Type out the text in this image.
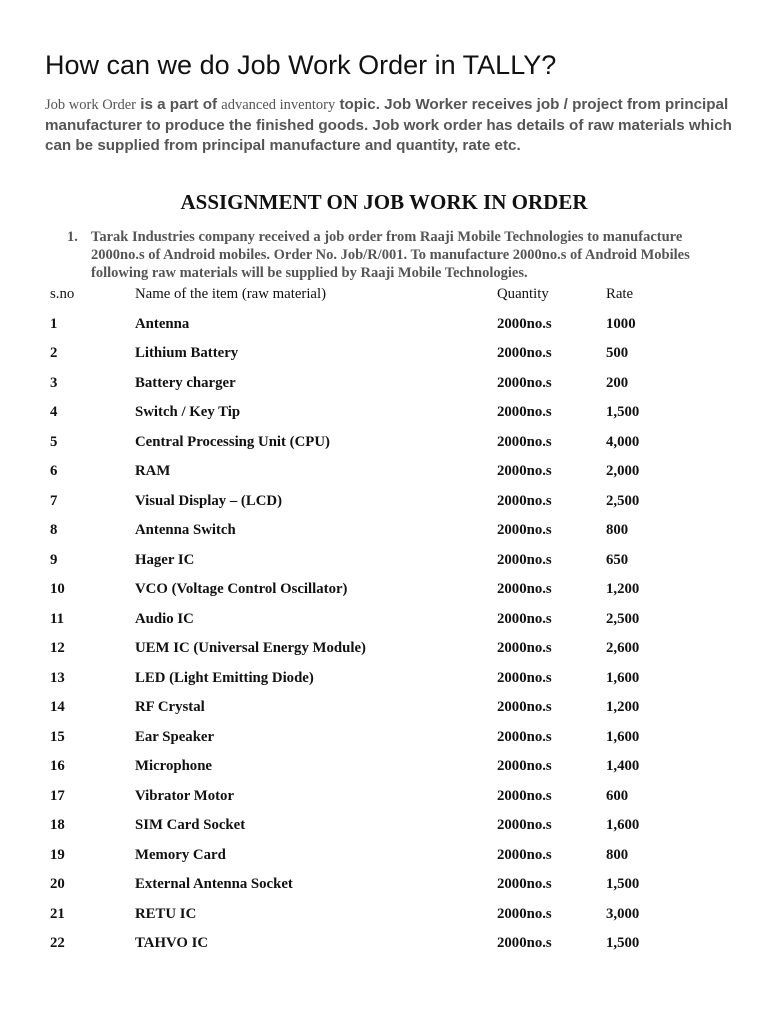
How can we do Job Work Order in TALLY?
Job work Order is a part of advanced inventory topic. Job Worker receives job / project from principal manufacturer to produce the finished goods. Job work order has details of raw materials which can be supplied from principal manufacture and quantity, rate etc.
ASSIGNMENT ON JOB WORK IN ORDER
1. Tarak Industries company received a job order from Raaji Mobile Technologies to manufacture 2000no.s of Android mobiles. Order No. Job/R/001. To manufacture 2000no.s of Android Mobiles following raw materials will be supplied by Raaji Mobile Technologies.
s.no	Name of the item (raw material)	Quantity	Rate
1	Antenna	2000no.s	1000
2	Lithium Battery	2000no.s	500
3	Battery charger	2000no.s	200
4	Switch / Key Tip	2000no.s	1,500
5	Central Processing Unit (CPU)	2000no.s	4,000
6	RAM	2000no.s	2,000
7	Visual Display – (LCD)	2000no.s	2,500
8	Antenna Switch	2000no.s	800
9	Hager IC	2000no.s	650
10	VCO (Voltage Control Oscillator)	2000no.s	1,200
11	Audio IC	2000no.s	2,500
12	UEM IC (Universal Energy Module)	2000no.s	2,600
13	LED (Light Emitting Diode)	2000no.s	1,600
14	RF Crystal	2000no.s	1,200
15	Ear Speaker	2000no.s	1,600
16	Microphone	2000no.s	1,400
17	Vibrator Motor	2000no.s	600
18	SIM Card Socket	2000no.s	1,600
19	Memory Card	2000no.s	800
20	External Antenna Socket	2000no.s	1,500
21	RETU IC	2000no.s	3,000
22	TAHVO IC	2000no.s	1,500
